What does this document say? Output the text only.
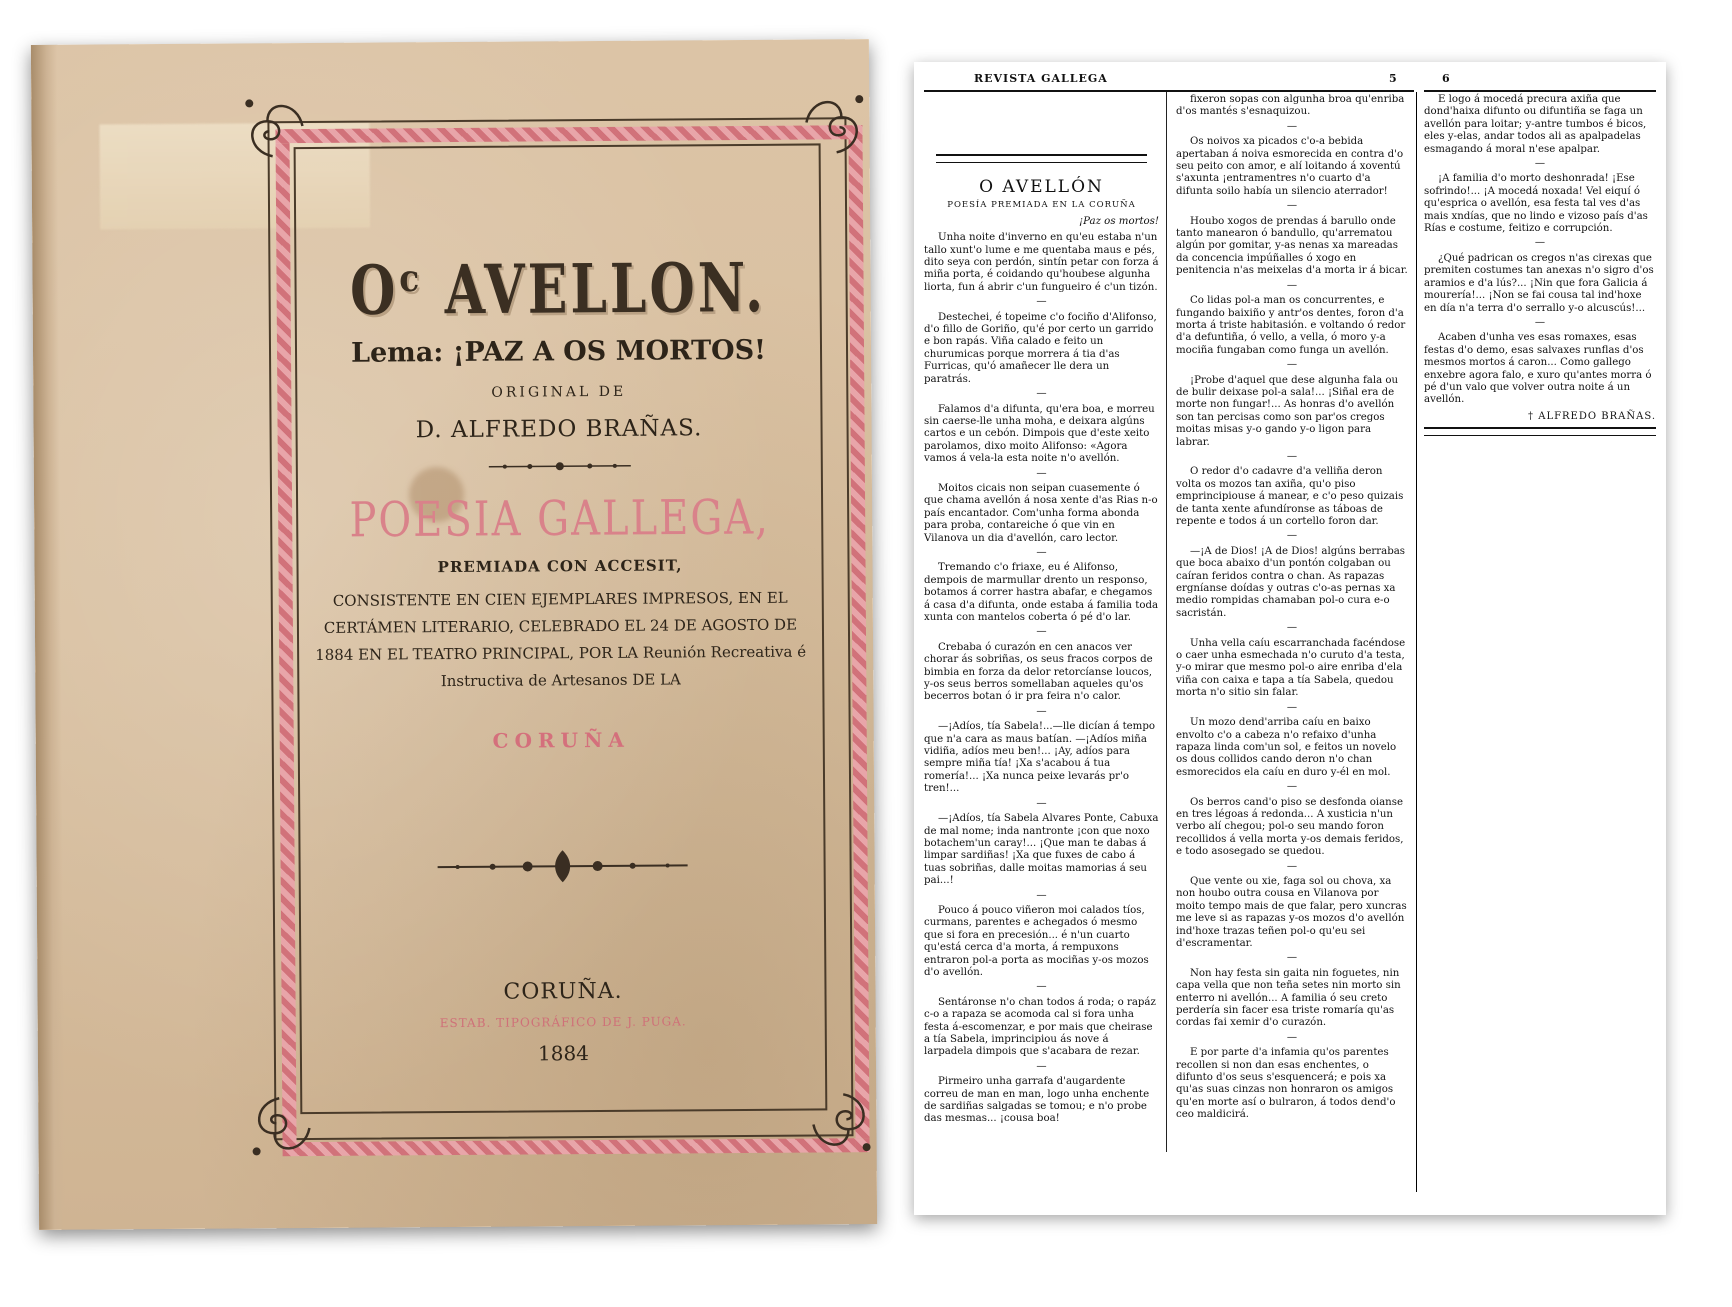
Oᶜ AVELLON.
Lema: ¡PAZ A OS MORTOS!
ORIGINAL DE
D. ALFREDO BRAÑAS.
POESIA GALLEGA,
PREMIADA CON ACCESIT,
CONSISTENTE EN CIEN EJEMPLARES IMPRESOS, EN EL CERTÁMEN LITERARIO, CELEBRADO EL 24 DE AGOSTO DE 1884 EN EL TEATRO PRINCIPAL, POR LA Reunión Recreativa é Instructiva de Artesanos DE LA
CORUÑA
CORUÑA.
ESTAB. TIPOGRÁFICO DE J. PUGA.
1884
REVISTA GALLEGA	5	6
O AVELLÓN
POESÍA PREMIADA EN LA CORUÑA
¡Paz os mortos!

Unha noite d'inverno en qu'eu estaba n'un tallo xunt'o lume e me quentaba maus e pés, dito seya con perdón, sintín petar con forza á miña porta, é coidando qu'houbese algunha liorta, fun á abrir c'un fungueiro é c'un tizón.

—

Destechei, é topeime c'o fociño d'Alifonso, d'o fillo de Goriño, qu'é por certo un garrido e bon rapás. Viña calado e feito un churumicas porque morrera á tia d'as Furricas, qu'ó amañecer lle dera un paratrás.

—

Falamos d'a difunta, qu'era boa, e morreu sin caerse-lle unha moha, e deixara algúns cartos e un cebón. Dimpois que d'este xeito parolamos, dixo moito Alifonso: «Agora vamos á vela-la esta noite n'o avellón.

—

Moitos cicais non seipan cuasemente ó que chama avellón á nosa xente d'as Rias n-o país encantador. Com'unha forma abonda para proba, contareiche ó que vin en Vilanova un dia d'avellón, caro lector.

—

Tremando c'o friaxe, eu é Alifonso, dempois de marmullar drento un responso, botamos á correr hastra abafar, e chegamos á casa d'a difunta, onde estaba á familia toda xunta con mantelos coberta ó pé d'o lar.

—

Crebaba ó curazón en cen anacos ver chorar ás sobriñas, os seus fracos corpos de bimbia en forza da delor retorcíanse loucos, y-os seus berros somellaban aqueles qu'os becerros botan ó ir pra feira n'o calor.

—

—¡Adíos, tía Sabela!...—lle dicían á tempo que n'a cara as maus batían. —¡Adíos miña vidiña, adíos meu ben!... ¡Ay, adíos para sempre miña tía! ¡Xa s'acabou á tua romería!... ¡Xa nunca peixe levarás pr'o tren!...

—

—¡Adíos, tía Sabela Alvares Ponte, Cabuxa de mal nome; inda nantronte ¡con que noxo botachem'un caray!... ¡Que man te dabas á limpar sardiñas! ¡Xa que fuxes de cabo á tuas sobriñas, dalle moitas mamorias á seu pai...!

—

Pouco á pouco viñeron moi calados tíos, curmans, parentes e achegados ó mesmo que si fora en precesión... é n'un cuarto qu'está cerca d'a morta, á rempuxons entraron pol-a porta as mociñas y-os mozos d'o avellón.

—

Sentáronse n'o chan todos á roda; o rapáz c-o a rapaza se acomoda cal si fora unha festa á-escomenzar, e por mais que cheirase a tía Sabela, imprincipiou ás nove á larpadela dimpois que s'acabara de rezar.

—

Pirmeiro unha garrafa d'augardente correu de man en man, logo unha enchente de sardiñas salgadas se tomou; e n'o probe das mesmas... ¡cousa boa!

fixeron sopas con algunha broa qu'enriba d'os mantés s'esnaquizou.

—

Os noivos xa picados c'o-a bebida apertaban á noiva esmorecida en contra d'o seu peito con amor, e alí loitando á xoventú s'axunta ¡entramentres n'o cuarto d'a difunta soilo había un silencio aterrador!

—

Houbo xogos de prendas á barullo onde tanto manearon ó bandullo, qu'arrematou algún por gomitar, y-as nenas xa mareadas da concencia impúñalles ó xogo en penitencia n'as meixelas d'a morta ir á bicar.

—

Co lidas pol-a man os concurrentes, e fungando baixiño y antr'os dentes, foron d'a morta á triste habitasión. e voltando ó redor d'a defuntiña, ó vello, a vella, ó moro y-a mociña fungaban como funga un avellón.

—

¡Probe d'aquel que dese algunha fala ou de bulir deixase pol-a sala!... ¡Siñal era de morte non fungar!... As honras d'o avellón son tan percisas como son par'os cregos moitas misas y-o gando y-o ligon para labrar.

—

O redor d'o cadavre d'a velliña deron volta os mozos tan axiña, qu'o piso emprincipiouse á manear, e c'o peso quizais de tanta xente afundíronse as táboas de repente e todos á un cortello foron dar.

—

—¡A de Dios! ¡A de Dios! algúns berrabas que boca abaixo d'un pontón colgaban ou caíran feridos contra o chan. As rapazas ergníanse doídas y outras c'o-as pernas xa medio rompidas chamaban pol-o cura e-o sacristán.

—

Unha vella caíu escarranchada facéndose o caer unha esmechada n'o curuto d'a testa, y-o mirar que mesmo pol-o aire enriba d'ela viña con caixa e tapa a tía Sabela, quedou morta n'o sitio sin falar.

—

Un mozo dend'arriba caíu en baixo envolto c'o a cabeza n'o refaixo d'unha rapaza linda com'un sol, e feitos un novelo os dous collidos cando deron n'o chan esmorecidos ela caíu en duro y-él en mol.

—

Os berros cand'o piso se desfonda oianse en tres légoas á redonda... A xusticia n'un verbo alí chegou; pol-o seu mando foron recollidos á vella morta y-os demais feridos, e todo asosegado se quedou.

—

Que vente ou xie, faga sol ou chova, xa non houbo outra cousa en Vilanova por moito tempo mais de que falar, pero xuncras me leve si as rapazas y-os mozos d'o avellón ind'hoxe trazas teñen pol-o qu'eu sei d'escramentar.

—

Non hay festa sin gaita nin foguetes, nin capa vella que non teña setes nin morto sin enterro ni avellón... A familia ó seu creto perdería sin facer esa triste romaría qu'as cordas fai xemir d'o curazón.

—

E por parte d'a infamia qu'os parentes recollen si non dan esas enchentes, o difunto d'os seus s'esquencerá; e pois xa qu'as suas cinzas non honraron os amigos qu'en morte así o bulraron, á todos dend'o ceo maldicirá.

E logo á mocedá precura axiña que dond'haixa difunto ou difuntiña se faga un avellón para loitar; y-antre tumbos é bicos, eles y-elas, andar todos ali as apalpadelas esmagando á moral n'ese apalpar.

—

¡A familia d'o morto deshonrada! ¡Ese sofrindo!... ¡A mocedá noxada! Vel eiquí ó qu'esprica o avellón, esa festa tal ves d'as mais xndías, que no lindo e vizoso país d'as Rías e costume, feitizo e corrupción.

—

¿Qué padrican os cregos n'as cirexas que premiten costumes tan anexas n'o sigro d'os aramios e d'a lús?... ¡Nin que fora Galicia á mourería!... ¡Non se fai cousa tal ind'hoxe en día n'a terra d'o serrallo y-o alcuscús!...

—

Acaben d'unha ves esas romaxes, esas festas d'o demo, esas salvaxes runflas d'os mesmos mortos á caron... Como gallego enxebre agora falo, e xuro qu'antes morra ó pé d'un valo que volver outra noite á un avellón.

† ALFREDO BRAÑAS.
